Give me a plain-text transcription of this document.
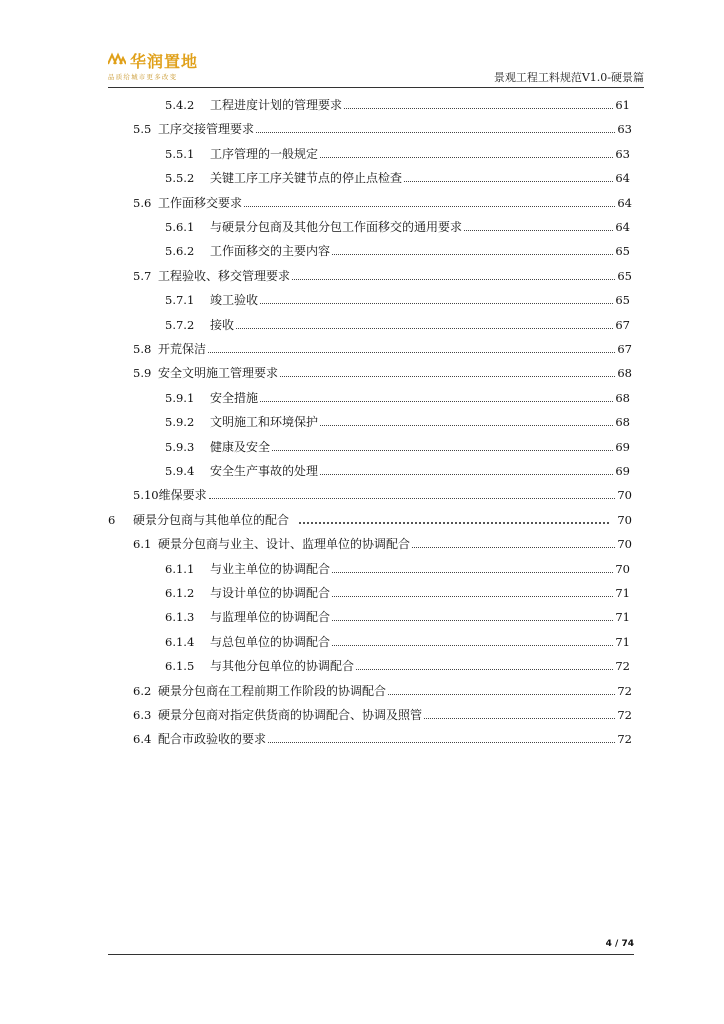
华润置地
品质给城市更多改变	景观工程工料规范V1.0-硬景篇
5.4.2	工程进度计划的管理要求	61
5.5 工序交接管理要求	63
5.5.1	工序管理的一般规定	63
5.5.2	关键工序工序关键节点的停止点检查	64
5.6 工作面移交要求	64
5.6.1	与硬景分包商及其他分包工作面移交的通用要求	64
5.6.2	工作面移交的主要内容	65
5.7 工程验收、移交管理要求	65
5.7.1	竣工验收	65
5.7.2	接收	67
5.8 开荒保洁	67
5.9 安全文明施工管理要求	68
5.9.1	安全措施	68
5.9.2	文明施工和环境保护	68
5.9.3	健康及安全	69
5.9.4	安全生产事故的处理	69
5.10 维保要求	70
6	硬景分包商与其他单位的配合	70
6.1 硬景分包商与业主、设计、监理单位的协调配合	70
6.1.1	与业主单位的协调配合	70
6.1.2	与设计单位的协调配合	71
6.1.3	与监理单位的协调配合	71
6.1.4	与总包单位的协调配合	71
6.1.5	与其他分包单位的协调配合	72
6.2 硬景分包商在工程前期工作阶段的协调配合	72
6.3 硬景分包商对指定供货商的协调配合、协调及照管	72
6.4 配合市政验收的要求	72
4 / 74
